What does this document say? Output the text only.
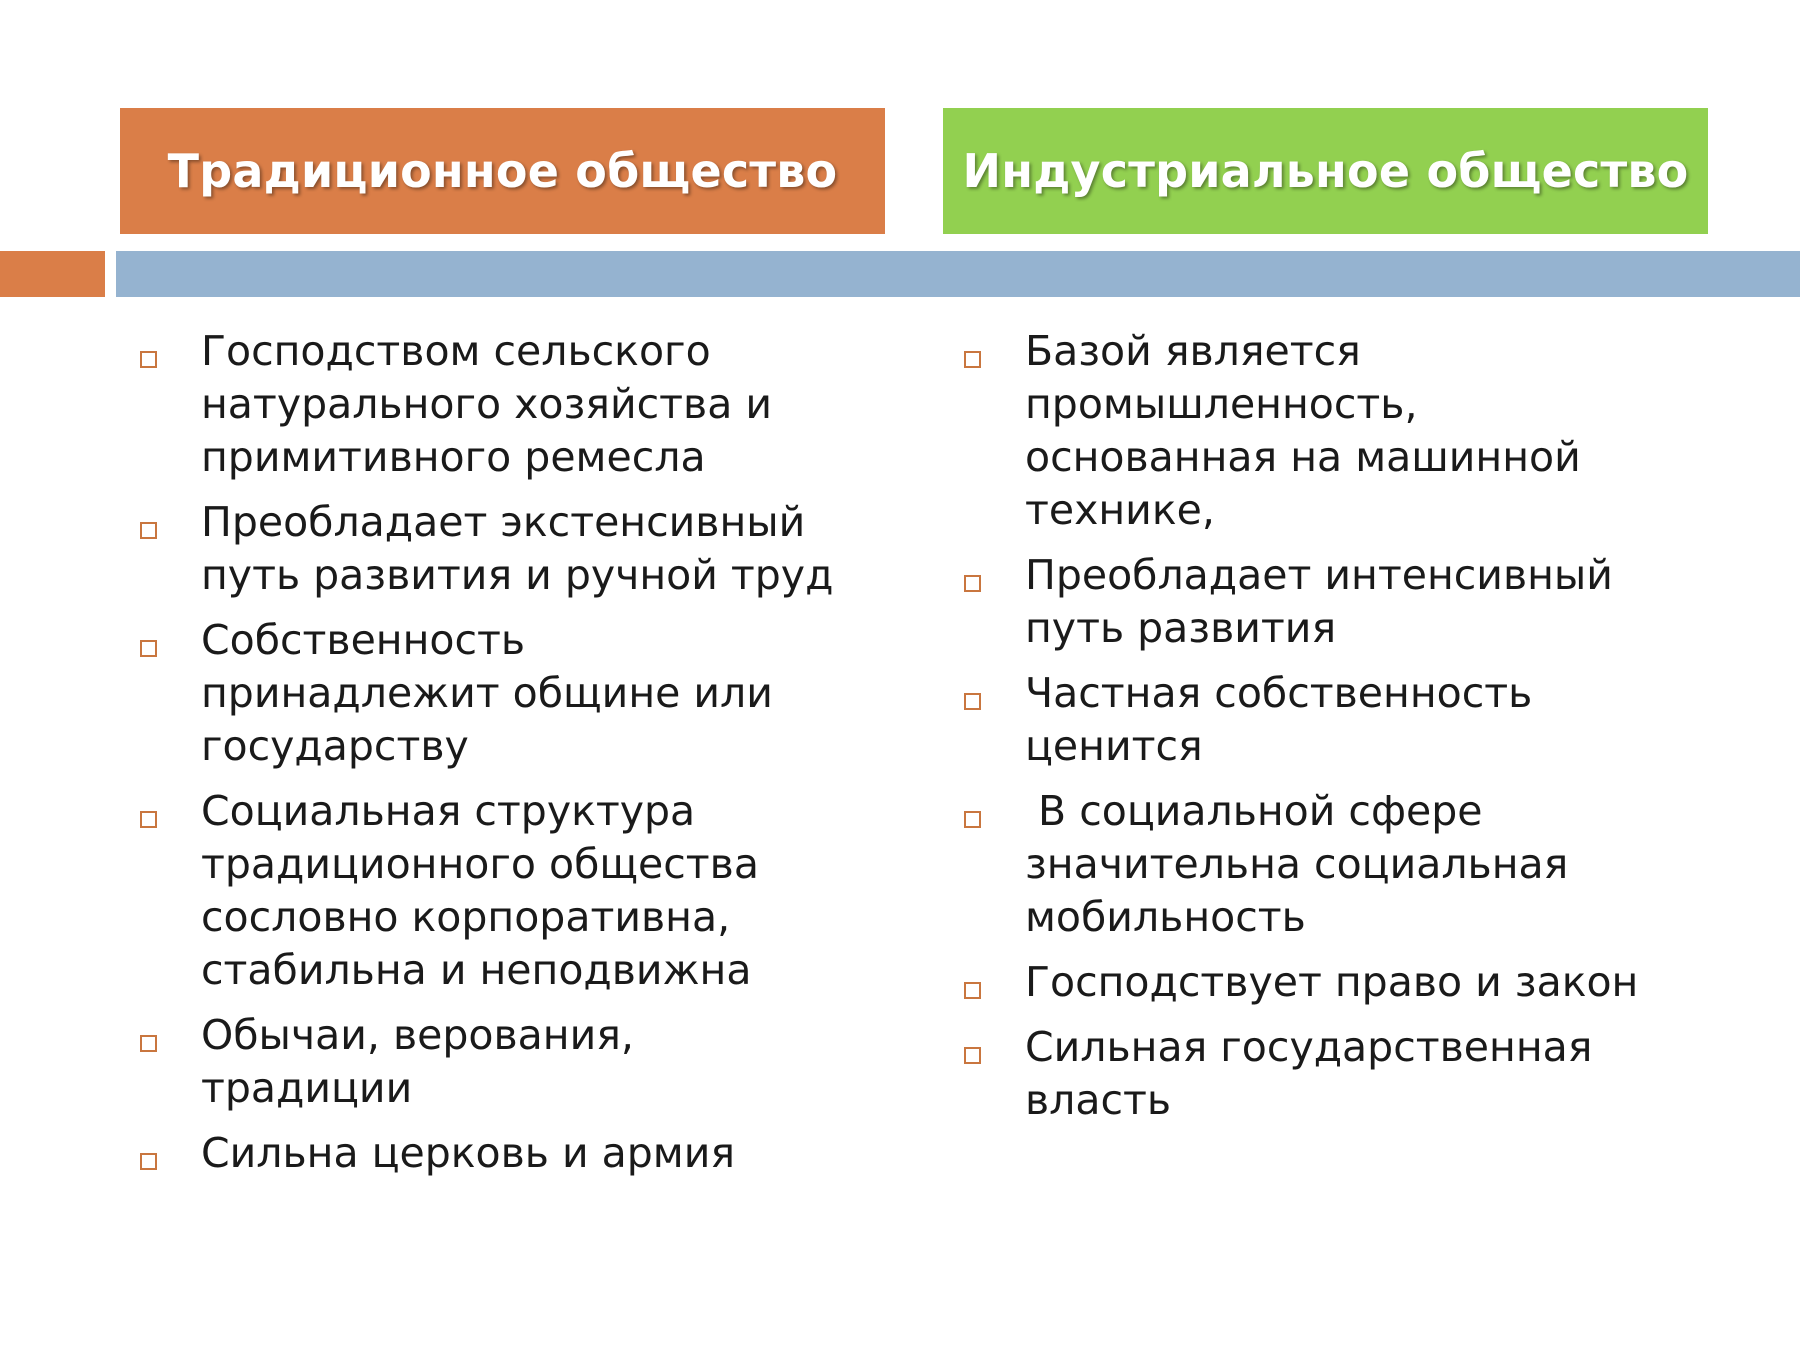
Традиционное общество	Индустриальное общество
Господством сельского
натурального хозяйства и
примитивного ремесла
Преобладает экстенсивный
путь развития и ручной труд
Собственность
принадлежит общине или
государству
Социальная структура
традиционного общества
сословно корпоративна,
стабильна и неподвижна
Обычаи, верования,
традиции
Сильна церковь и армия
Базой является
промышленность,
основанная на машинной
технике,
Преобладает интенсивный
путь развития
Частная собственность
ценится
В социальной сфере
значительна социальная
мобильность
Господствует право и закон
Сильная государственная
власть
